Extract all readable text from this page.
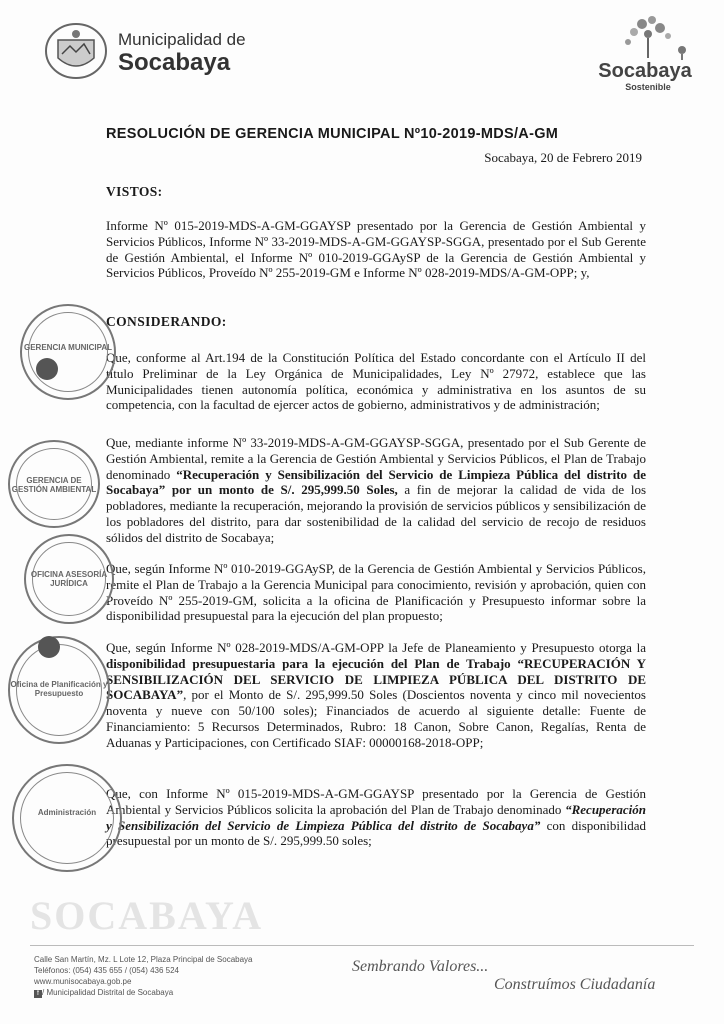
Municipalidad de
Socabaya	Socabaya
Sostenible
RESOLUCIÓN DE GERENCIA MUNICIPAL Nº10-2019-MDS/A-GM
Socabaya, 20 de Febrero 2019
VISTOS:
Informe Nº 015-2019-MDS-A-GM-GGAYSP presentado por la Gerencia de Gestión Ambiental y Servicios Públicos, Informe Nº 33-2019-MDS-A-GM-GGAYSP-SGGA, presentado por el Sub Gerente de Gestión Ambiental, el Informe Nº 010-2019-GGAySP de la Gerencia de Gestión Ambiental y Servicios Públicos, Proveído Nº 255-2019-GM e Informe Nº 028-2019-MDS/A-GM-OPP; y,
CONSIDERANDO:
Que, conforme al Art.194 de la Constitución Política del Estado concordante con el Artículo II del título Preliminar de la Ley Orgánica de Municipalidades, Ley Nº 27972, establece que las Municipalidades tienen autonomía política, económica y administrativa en los asuntos de su competencia, con la facultad de ejercer actos de gobierno, administrativos y de administración;
Que, mediante informe Nº 33-2019-MDS-A-GM-GGAYSP-SGGA, presentado por el Sub Gerente de Gestión Ambiental, remite a la Gerencia de Gestión Ambiental y Servicios Públicos, el Plan de Trabajo denominado “Recuperación y Sensibilización del Servicio de Limpieza Pública del distrito de Socabaya” por un monto de S/. 295,999.50 Soles, a fin de mejorar la calidad de vida de los pobladores, mediante la recuperación, mejorando la provisión de servicios públicos y sensibilización de los pobladores del distrito, para dar sostenibilidad de la calidad del servicio de recojo de residuos sólidos del distrito de Socabaya;
Que, según Informe Nº 010-2019-GGAySP, de la Gerencia de Gestión Ambiental y Servicios Públicos, remite el Plan de Trabajo a la Gerencia Municipal para conocimiento, revisión y aprobación, quien con Proveído Nº 255-2019-GM, solicita a la oficina de Planificación y Presupuesto informar sobre la disponibilidad presupuestal para la ejecución del plan propuesto;
Que, según Informe Nº 028-2019-MDS/A-GM-OPP la Jefe de Planeamiento y Presupuesto otorga la disponibilidad presupuestaria para la ejecución del Plan de Trabajo “RECUPERACIÓN Y SENSIBILIZACIÓN DEL SERVICIO DE LIMPIEZA PÚBLICA DEL DISTRITO DE SOCABAYA”, por el Monto de S/. 295,999.50 Soles (Doscientos noventa y cinco mil novecientos noventa y nueve con 50/100 soles); Financiados de acuerdo al siguiente detalle: Fuente de Financiamiento: 5 Recursos Determinados, Rubro: 18 Canon, Sobre Canon, Regalías, Renta de Aduanas y Participaciones, con Certificado SIAF: 00000168-2018-OPP;
Que, con Informe Nº 015-2019-MDS-A-GM-GGAYSP presentado por la Gerencia de Gestión Ambiental y Servicios Públicos solicita la aprobación del Plan de Trabajo denominado “Recuperación y Sensibilización del Servicio de Limpieza Pública del distrito de Socabaya” con disponibilidad presupuestal por un monto de S/. 295,999.50 soles;
GERENCIA MUNICIPAL
GERENCIA DE GESTIÓN AMBIENTAL
OFICINA ASESORÍA JURÍDICA
Oficina de Planificación y Presupuesto
Administración
SOCABAYA
Calle San Martín, Mz. L Lote 12, Plaza Principal de Socabaya
Teléfonos: (054) 435 655 / (054) 436 524
www.munisocabaya.gob.pe
f / Municipalidad Distrital de Socabaya
Sembrando Valores...
Construímos Ciudadanía
